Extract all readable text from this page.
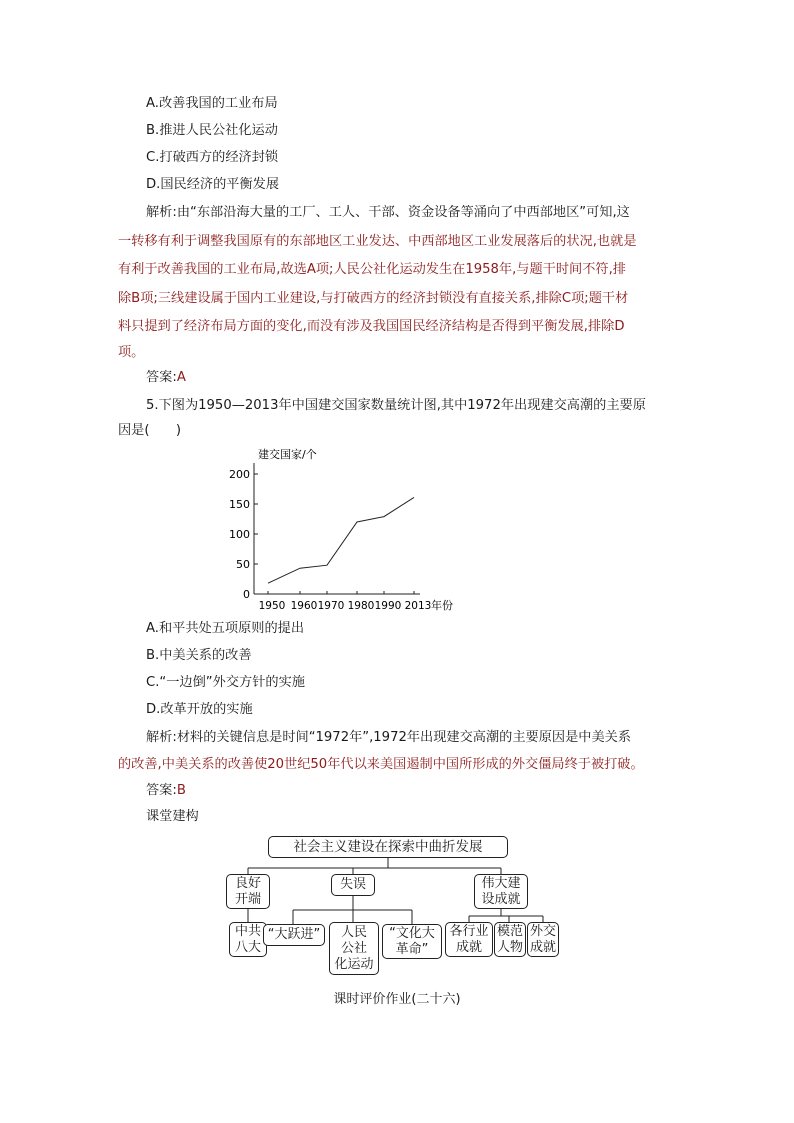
A.改善我国的工业布局
B.推进人民公社化运动
C.打破西方的经济封锁
D.国民经济的平衡发展
解析:由“东部沿海大量的工厂、工人、干部、资金设备等涌向了中西部地区”可知,这
一转移有利于调整我国原有的东部地区工业发达、中西部地区工业发展落后的状况,也就是
有利于改善我国的工业布局,故选A项;人民公社化运动发生在1958年,与题干时间不符,排
除B项;三线建设属于国内工业建设,与打破西方的经济封锁没有直接关系,排除C项;题干材
料只提到了经济布局方面的变化,而没有涉及我国国民经济结构是否得到平衡发展,排除D
项。
答案:A
5.下图为1950—2013年中国建交国家数量统计图,其中1972年出现建交高潮的主要原
因是(　　)
建交国家/个
0
50
100
150
200
1950 1960 1970 1980 1990 2013 年份
A.和平共处五项原则的提出
B.中美关系的改善
C.“一边倒”外交方针的实施
D.改革开放的实施
解析:材料的关键信息是时间“1972年”,1972年出现建交高潮的主要原因是中美关系
的改善,中美关系的改善使20世纪50年代以来美国遏制中国所形成的外交僵局终于被打破。
答案:B
课堂建构
社会主义建设在探索中曲折发展
良好
开端
失误	伟大建
设成就
中共
八大
“大跃进” 人民
公社
化运动
“文化大
革命”
各行业
成就
模范
人物
外交
成就
课时评价作业(二十六)
